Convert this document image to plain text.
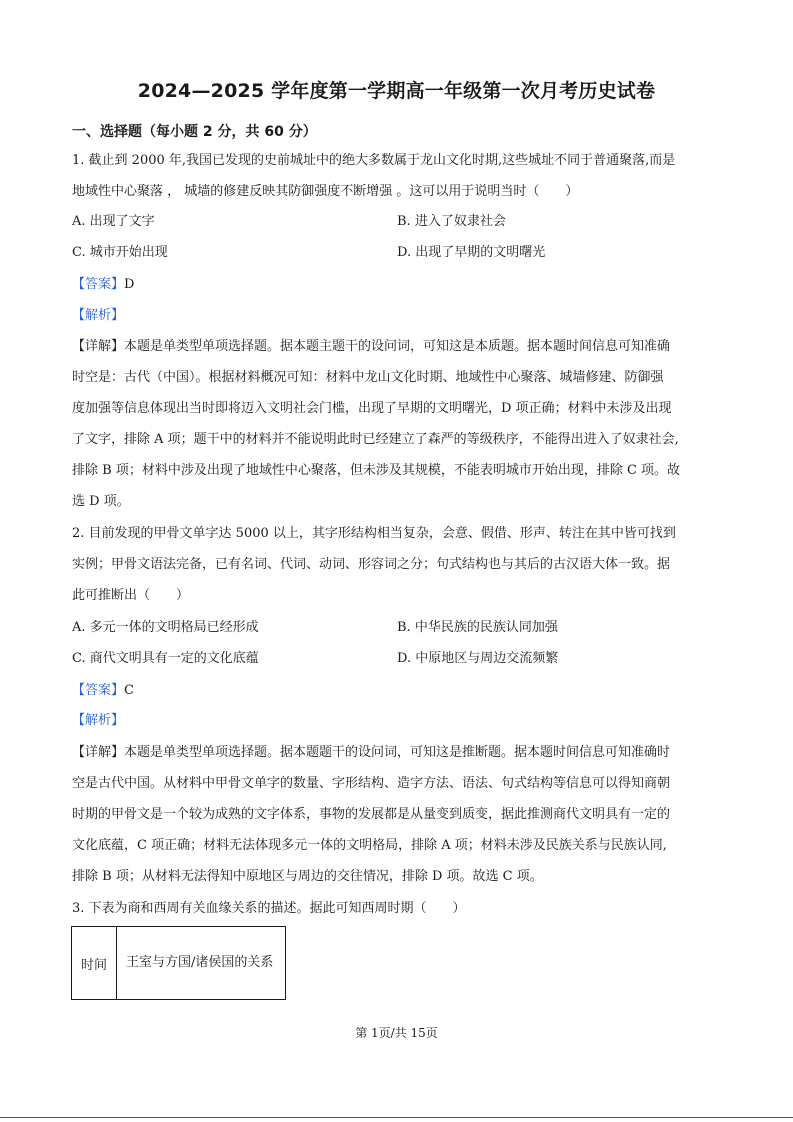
2024—2025 学年度第一学期高一年级第一次月考历史试卷
一、选择题（每小题 2 分，共 60 分）
1. 截止到 2000 年,我国已发现的史前城址中的绝大多数属于龙山文化时期,这些城址不同于普通聚落,而是
地域性中心聚落 ， 城墙的修建反映其防御强度不断增强 。这可以用于说明当时（　　）
A. 出现了文字	B. 进入了奴隶社会
C. 城市开始出现	D. 出现了早期的文明曙光
【答案】D
【解析】
【详解】本题是单类型单项选择题。据本题主题干的设问词，可知这是本质题。据本题时间信息可知准确
时空是：古代（中国）。根据材料概况可知：材料中龙山文化时期、地域性中心聚落、城墙修建、防御强
度加强等信息体现出当时即将迈入文明社会门槛，出现了早期的文明曙光，D 项正确；材料中未涉及出现
了文字，排除 A 项；题干中的材料并不能说明此时已经建立了森严的等级秩序，不能得出进入了奴隶社会,
排除 B 项；材料中涉及出现了地域性中心聚落，但未涉及其规模，不能表明城市开始出现，排除 C 项。故
选 D 项。
2. 目前发现的甲骨文单字达 5000 以上，其字形结构相当复杂，会意、假借、形声、转注在其中皆可找到
实例；甲骨文语法完备，已有名词、代词、动词、形容词之分；句式结构也与其后的古汉语大体一致。据
此可推断出（　　）
A. 多元一体的文明格局已经形成	B. 中华民族的民族认同加强
C. 商代文明具有一定的文化底蕴	D. 中原地区与周边交流频繁
【答案】C
【解析】
【详解】本题是单类型单项选择题。据本题题干的设问词，可知这是推断题。据本题时间信息可知准确时
空是古代中国。从材料中甲骨文单字的数量、字形结构、造字方法、语法、句式结构等信息可以得知商朝
时期的甲骨文是一个较为成熟的文字体系，事物的发展都是从量变到质变，据此推测商代文明具有一定的
文化底蕴，C 项正确；材料无法体现多元一体的文明格局，排除 A 项；材料未涉及民族关系与民族认同,
排除 B 项；从材料无法得知中原地区与周边的交往情况，排除 D 项。故选 C 项。
3. 下表为商和西周有关血缘关系的描述。据此可知西周时期（　　）
时间	王室与方国/诸侯国的关系
第 1页/共 15页
